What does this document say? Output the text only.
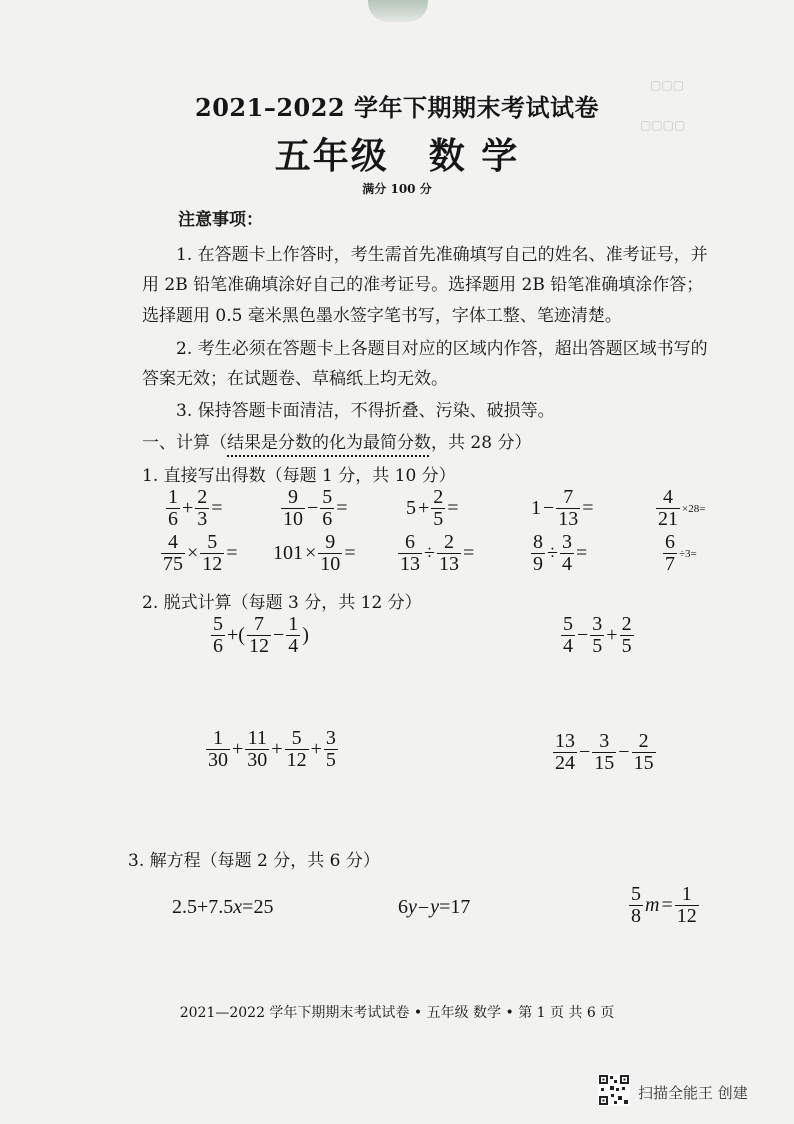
▢▢▢
▢▢▢▢
2021–2022 学年下期期末考试试卷
五年级 数 学
满分 100 分
注意事项：
1. 在答题卡上作答时，考生需首先准确填写自己的姓名、准考证号，并
用 2B 铅笔准确填涂好自己的准考证号。选择题用 2B 铅笔准确填涂作答；
选择题用 0.5 毫米黑色墨水签字笔书写，字体工整、笔迹清楚。
2. 考生必须在答题卡上各题目对应的区域内作答，超出答题区域书写的
答案无效；在试题卷、草稿纸上均无效。
3. 保持答题卡面清洁，不得折叠、污染、破损等。
一、计算（结果是分数的化为最简分数，共 28 分）
1. 直接写出得数（每题 1 分，共 10 分）
$\frac{1}{6} + \frac{2}{3}$ =	$\frac{9}{10} - \frac{5}{6}$ =	$5 + \frac{2}{5}$ =	$1 - \frac{7}{13}$ =	$\frac{4}{21} \times 28=$
$\frac{4}{75} \times \frac{5}{12} = 101 \times \frac{9}{10} = \frac{6}{13} \div \frac{2}{13}$ =	$\frac{8}{9} \div \frac{3}{4}$ =	$\frac{6}{7} \div 3=$
2. 脱式计算（每题 3 分，共 12 分）
$\frac{5}{6}$ +( $\frac{7}{12} - \frac{1}{4}$ )	$\frac{5}{4} - \frac{3}{5} + \frac{2}{5}$
$\frac{1}{30} + \frac{11}{30} + \frac{5}{12} + \frac{3}{5}$	$\frac{13}{24} - \frac{3}{15} - \frac{2}{15}$
3. 解方程（每题 2 分，共 6 分）
2.5+7.5x=25	6y−y=17	$\frac{5}{8}$ $m = \frac{1}{12}$
2021—2022 学年下期期末考试试卷 • 五年级 数学 • 第 1 页 共 6 页
扫描全能王 创建
